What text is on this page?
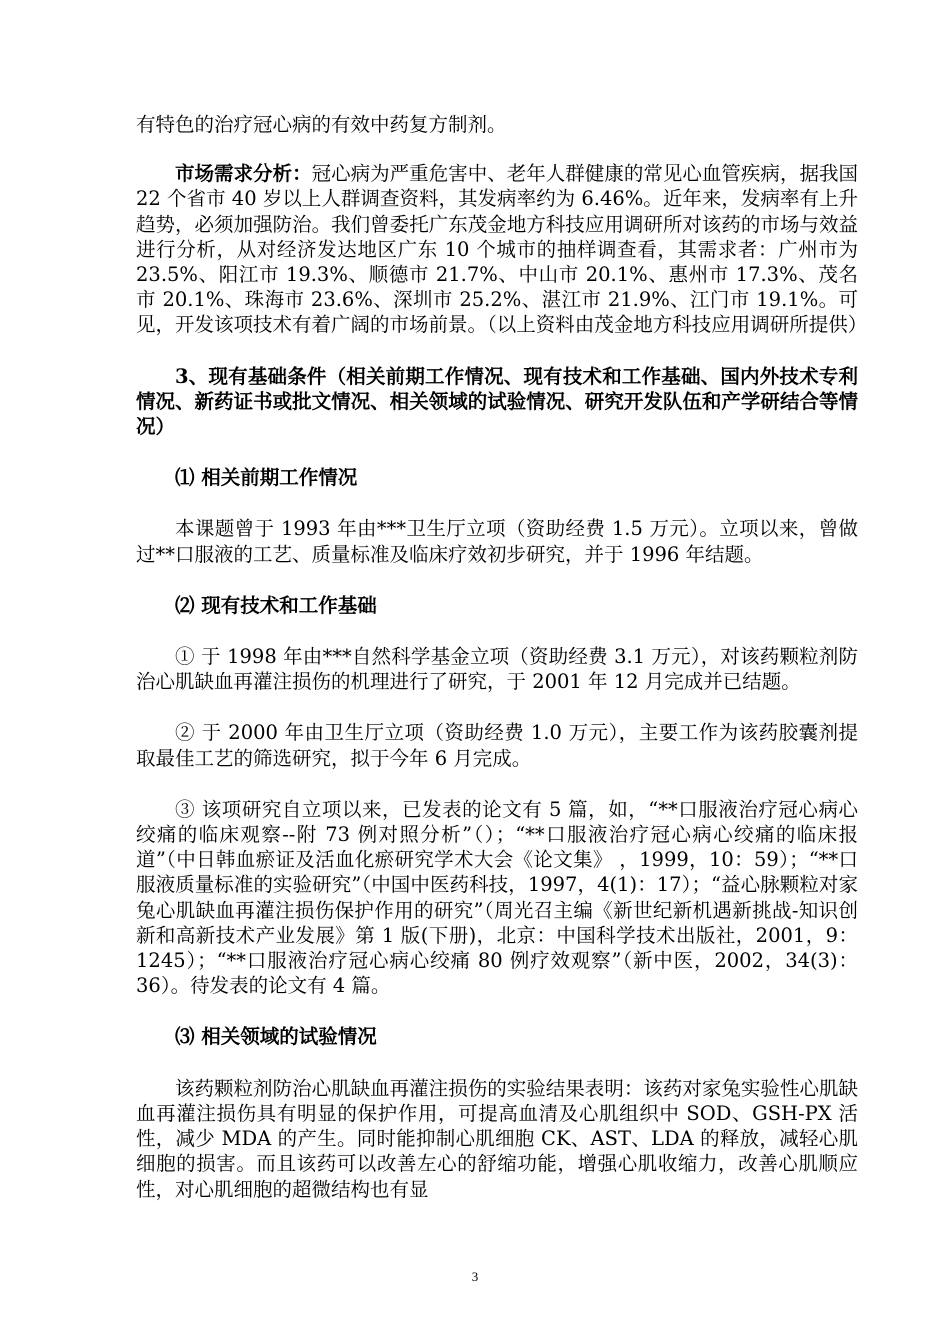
有特色的治疗冠心病的有效中药复方制剂。

市场需求分析：冠心病为严重危害中、老年人群健康的常见心血管疾病，据我国 22 个省市 40 岁以上人群调查资料，其发病率约为 6.46%。近年来，发病率有上升趋势，必须加强防治。我们曾委托广东茂金地方科技应用调研所对该药的市场与效益进行分析，从对经济发达地区广东 10 个城市的抽样调查看，其需求者：广州市为 23.5%、阳江市 19.3%、顺德市 21.7%、中山市 20.1%、惠州市 17.3%、茂名市 20.1%、珠海市 23.6%、深圳市 25.2%、湛江市 21.9%、江门市 19.1%。可见，开发该项技术有着广阔的市场前景。（以上资料由茂金地方科技应用调研所提供）

3、现有基础条件（相关前期工作情况、现有技术和工作基础、国内外技术专利情况、新药证书或批文情况、相关领域的试验情况、研究开发队伍和产学研结合等情况）

⑴ 相关前期工作情况

本课题曾于 1993 年由***卫生厅立项（资助经费 1.5 万元）。立项以来，曾做过**口服液的工艺、质量标准及临床疗效初步研究，并于 1996 年结题。

⑵ 现有技术和工作基础

① 于 1998 年由***自然科学基金立项（资助经费 3.1 万元），对该药颗粒剂防治心肌缺血再灌注损伤的机理进行了研究，于 2001 年 12 月完成并已结题。

② 于 2000 年由卫生厅立项（资助经费 1.0 万元），主要工作为该药胶囊剂提取最佳工艺的筛选研究，拟于今年 6 月完成。

③ 该项研究自立项以来，已发表的论文有 5 篇，如，“**口服液治疗冠心病心绞痛的临床观察--附 73 例对照分析”（）；“**口服液治疗冠心病心绞痛的临床报道”（中日韩血瘀证及活血化瘀研究学术大会《论文集》 ，1999，10：59）；“**口服液质量标准的实验研究”（中国中医药科技，1997，4(1)：17）；“益心脉颗粒对家兔心肌缺血再灌注损伤保护作用的研究”（周光召主编《新世纪新机遇新挑战-知识创新和高新技术产业发展》第 1 版(下册)，北京：中国科学技术出版社，2001，9：1245）；“**口服液治疗冠心病心绞痛 80 例疗效观察”（新中医，2002，34(3)：36）。待发表的论文有 4 篇。

⑶ 相关领域的试验情况

该药颗粒剂防治心肌缺血再灌注损伤的实验结果表明：该药对家兔实验性心肌缺血再灌注损伤具有明显的保护作用，可提高血清及心肌组织中 SOD、GSH-PX 活性，减少 MDA 的产生。同时能抑制心肌细胞 CK、AST、LDA 的释放，减轻心肌细胞的损害。而且该药可以改善左心的舒缩功能，增强心肌收缩力，改善心肌顺应性，对心肌细胞的超微结构也有显

3
